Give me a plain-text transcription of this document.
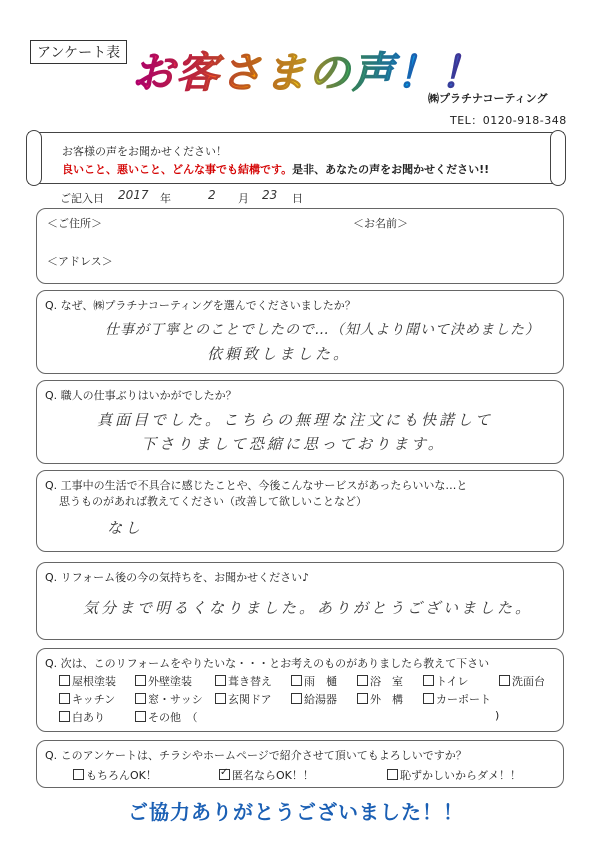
アンケート表 お客さまの声！！
㈱プラチナコーティング
TEL：0120-918-348
お客様の声をお聞かせください！
良いこと、悪いこと、どんな事でも結構です。是非、あなたの声をお聞かせください!!
ご記入日 2017 年	2 月 23 日
＜ご住所＞	＜お名前＞
＜アドレス＞
Q. なぜ、㈱プラチナコーティングを選んでくださいましたか？
仕事が丁寧とのことでしたので…（知人より聞いて決めました）
依頼致しました。
Q. 職人の仕事ぶりはいかがでしたか？
真面目でした。こちらの無理な注文にも快諾して
下さりまして恐縮に思っております。
Q. 工事中の生活で不具合に感じたことや、今後こんなサービスがあったらいいな…と
思うものがあれば教えてください（改善して欲しいことなど）
なし
Q. リフォーム後の今の気持ちを、お聞かせください♪
気分まで明るくなりました。ありがとうございました。
Q. 次は、このリフォームをやりたいな・・・とお考えのものがありましたら教えて下さい
屋根塗装	外壁塗装	葺き替え	雨　樋	浴　室	トイレ	洗面台
キッチン	窓・サッシ	玄関ドア	給湯器	外　構	カーポート
白あり	その他　（	)
Q. このアンケートは、チラシやホームページで紹介させて頂いてもよろしいですか？
もちろんOK！
✓	匿名ならOK！！	恥ずかしいからダメ！！
ご協力ありがとうございました！！
